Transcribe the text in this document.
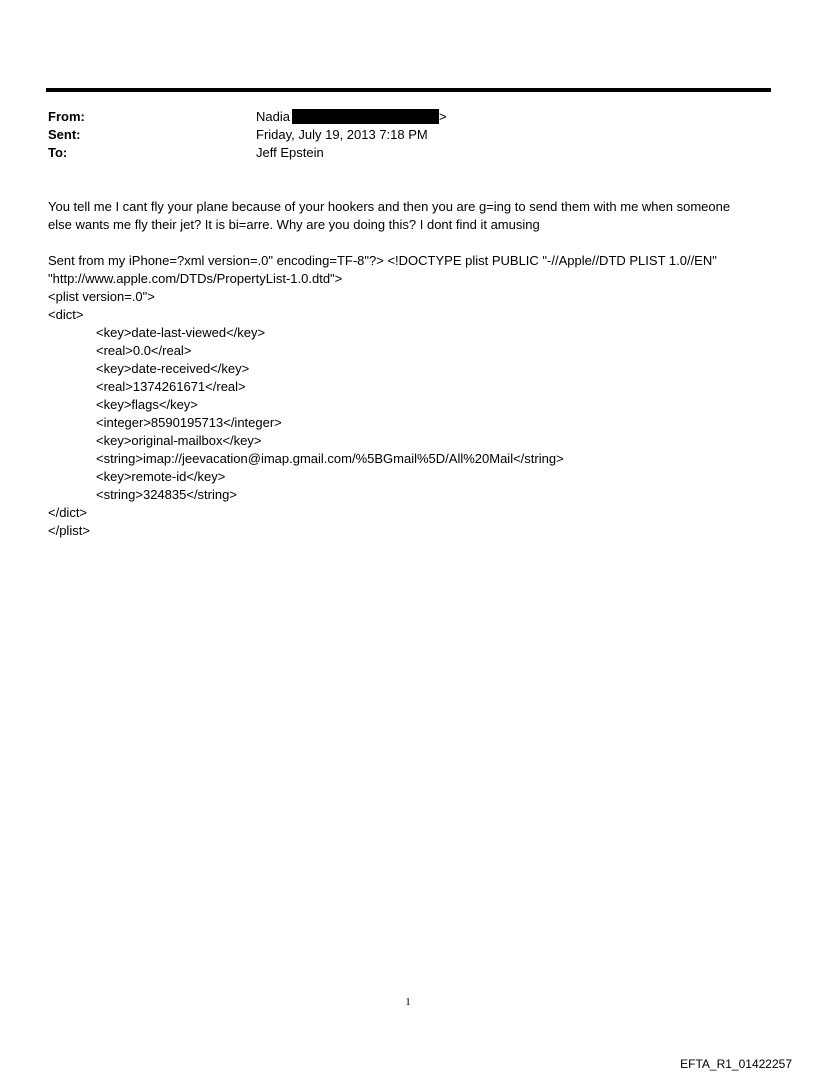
From:	Nadia	>
Sent:	Friday, July 19, 2013 7:18 PM
To:	Jeff Epstein
You tell me I cant fly your plane because of your hookers and then you are g=ing to send them with me when someone
else wants me fly their jet? It is bi=arre. Why are you doing this? I dont find it amusing
Sent from my iPhone=?xml version=.0" encoding=TF-8"?> <!DOCTYPE plist PUBLIC "-//Apple//DTD PLIST 1.0//EN"
"http://www.apple.com/DTDs/PropertyList-1.0.dtd">
<plist version=.0">
<dict>
<key>date-last-viewed</key>
<real>0.0</real>
<key>date-received</key>
<real>1374261671</real>
<key>flags</key>
<integer>8590195713</integer>
<key>original-mailbox</key>
<string>imap://jeevacation@imap.gmail.com/%5BGmail%5D/All%20Mail</string>
<key>remote-id</key>
<string>324835</string>
</dict>
</plist>
1
EFTA_R1_01422257
